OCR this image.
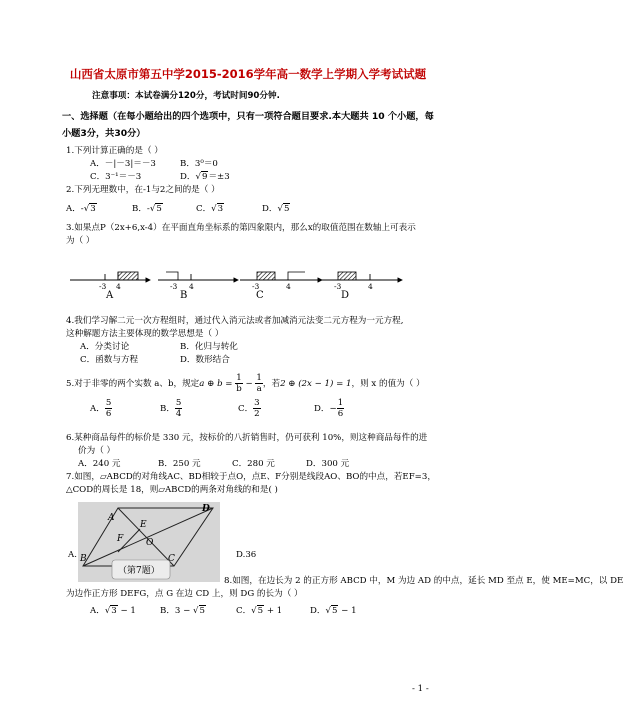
山西省太原市第五中学2015-2016学年高一数学上学期入学考试试题
注意事项：本试卷满分120分，考试时间90分钟.
一、选择题（在每小题给出的四个选项中，只有一项符合题目要求.本大题共 10 个小题，每
小题3分，共30分）
1.下列计算正确的是（ ）
A．－|－3|＝－3	B．3⁰＝0
C．3⁻¹＝－3	D．√9＝±3
2.下列无理数中，在-1与2之间的是（ ）
A．-√3	B．-√5	C．√3	D．√5
3.如果点P（2x+6,x-4）在平面直角坐标系的第四象限内，那么x的取值范围在数轴上可表示
为（ ）
-3 4	-3 4	-3	4	-3	4
A	B	C	D
4.我们学习解二元一次方程组时，通过代入消元法或者加减消元法变二元方程为一元方程,
这种解题方法主要体现的数学思想是（ ）
A．分类讨论	B．化归与转化
C．函数与方程	D．数形结合
5.对于非零的两个实数 a、b，规定a ⊕ $b = \frac{1}{b} - \frac{1}{a}$ ，若2 ⊕ (2x − 1) = 1，则 x 的值为（ ）
A． $\frac{5}{6}$	B． $\frac{5}{4}$	C． $\frac{3}{2}$	D．− $\frac{1}{6}$
6.某种商品每件的标价是 330 元，按标价的八折销售时，仍可获利 10%，则这种商品每件的进
价为（ ）
A．240 元	B．250 元	C．280 元	D．300 元
7.如图，▱ABCD的对角线AC、BD相较于点O，点E、F分别是线段AO、BO的中点，若EF=3，
△COD的周长是 18，则▱ABCD的两条对角线的和是( )
A
D
E
F	O
B	C
（第7题）
A.	D.36
8.如图，在边长为 2 的正方形 ABCD 中，M 为边 AD 的中点，延长 MD 至点 E，使 ME=MC，以 DE
为边作正方形 DEFG，点 G 在边 CD 上，则 DG 的长为（ ）
A．√3 − 1	B．3 − √5	C．√5 + 1	D．√5 − 1
- 1 -
